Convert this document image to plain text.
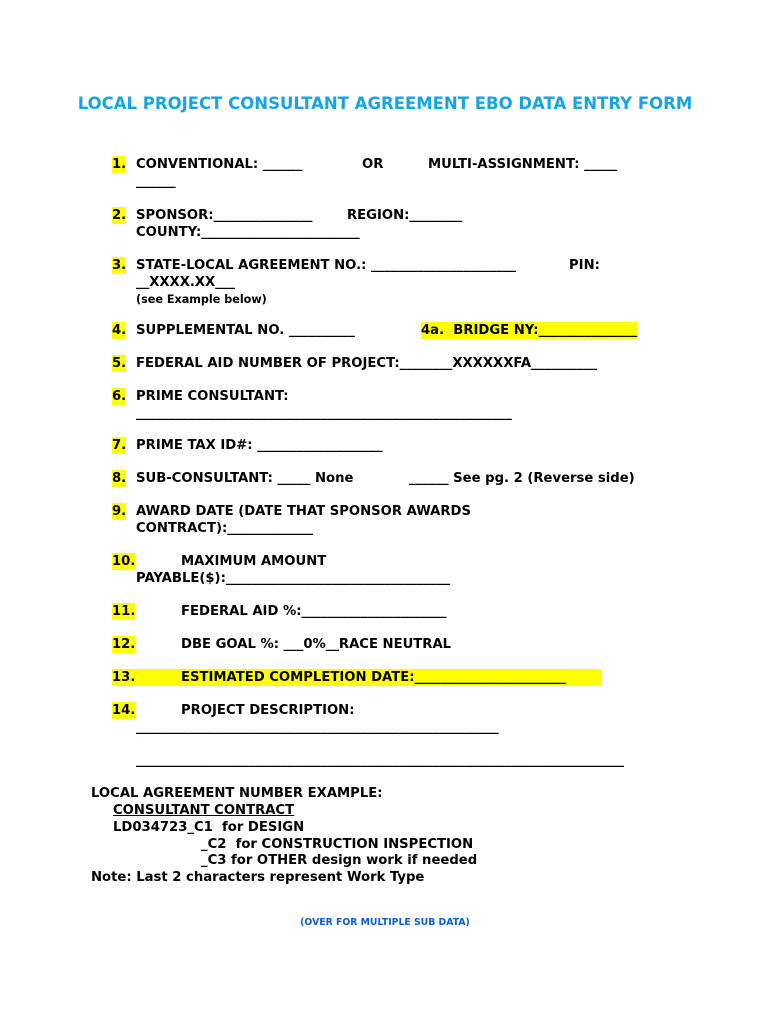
LOCAL PROJECT CONSULTANT AGREEMENT EBO DATA ENTRY FORM
1. CONVENTIONAL: ______	OR	MULTI-ASSIGNMENT: _____
______
2. SPONSOR:_______________	REGION:________
COUNTY:________________________
3. STATE-LOCAL AGREEMENT NO.: ______________________	PIN:
__XXXX.XX___
(see Example below)
4. SUPPLEMENTAL NO. __________	4a.  BRIDGE NY:_______________
5. FEDERAL AID NUMBER OF PROJECT:________XXXXXXFA__________
6. PRIME CONSULTANT:
_________________________________________________________
7. PRIME TAX ID#: ___________________
8. SUB-CONSULTANT: _____ None	______ See pg. 2 (Reverse side)
9. AWARD DATE (DATE THAT SPONSOR AWARDS
CONTRACT):_____________
10.	MAXIMUM AMOUNT
PAYABLE($):__________________________________
11.	FEDERAL AID %:______________________
12.	DBE GOAL %: ___0%__RACE NEUTRAL
13.	ESTIMATED COMPLETION DATE:_______________________
14.	PROJECT DESCRIPTION:
_______________________________________________________
__________________________________________________________________________
LOCAL AGREEMENT NUMBER EXAMPLE:
CONSULTANT CONTRACT
LD034723_C1  for DESIGN
_C2  for CONSTRUCTION INSPECTION
_C3 for OTHER design work if needed
Note: Last 2 characters represent Work Type
(OVER FOR MULTIPLE SUB DATA)
